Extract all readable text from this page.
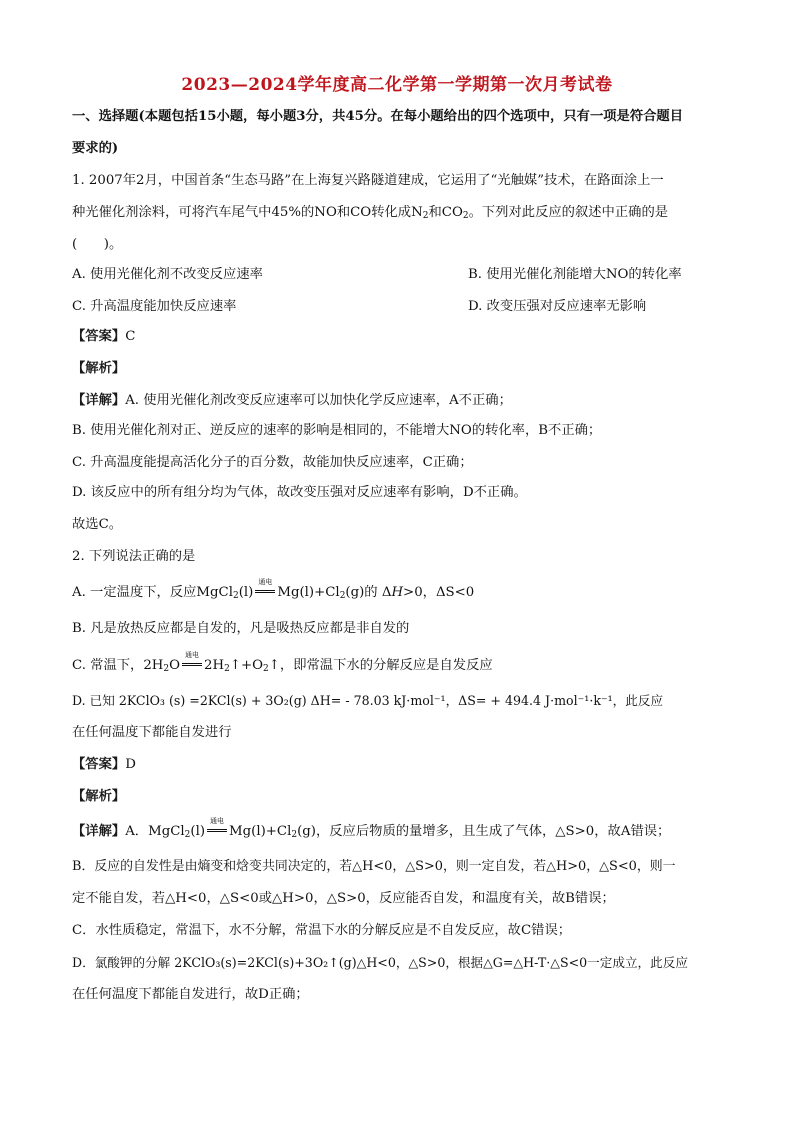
2023—2024学年度高二化学第一学期第一次月考试卷
一、选择题(本题包括15小题，每小题3分，共45分。在每小题给出的四个选项中，只有一项是符合题目
要求的)
1. 2007年2月，中国首条“生态马路”在上海复兴路隧道建成，它运用了“光触媒”技术，在路面涂上一
种光催化剂涂料，可将汽车尾气中45%的NO和CO转化成$N_2$和$CO_2$。下列对此反应的叙述中正确的是
(　　)。
A. 使用光催化剂不改变反应速率	B. 使用光催化剂能增大NO的转化率
C. 升高温度能加快反应速率	D. 改变压强对反应速率无影响
【答案】C
【解析】
【详解】A. 使用光催化剂改变反应速率可以加快化学反应速率，A不正确；
B. 使用光催化剂对正、逆反应的速率的影响是相同的，不能增大NO的转化率，B不正确；
C. 升高温度能提高活化分子的百分数，故能加快反应速率，C正确；
D. 该反应中的所有组分均为气体，故改变压强对反应速率有影响，D不正确。
故选C。
2. 下列说法正确的是
A. 一定温度下，反应MgCl$_2$(l)
通电
$Mg(l)+Cl_2(g)$的 ΔH>0，ΔS<0
B. 凡是放热反应都是自发的，凡是吸热反应都是非自发的
C. 常温下，$2H_2O$
通电
$2H_2↑+O_2↑$，即常温下水的分解反应是自发反应
D. 已知 2KClO₃ (s) =2KCl(s) + 3O₂(g) ΔH= - 78.03 kJ·mol⁻¹，ΔS= + 494.4 J·mol⁻¹·k⁻¹，此反应
在任何温度下都能自发进行
【答案】D
【解析】
【详解】A．MgCl$_2$(l)
通电
$Mg(l)+Cl_2(g)$，反应后物质的量增多，且生成了气体，△S>0，故A错误；
B．反应的自发性是由熵变和焓变共同决定的，若△H<0，△S>0，则一定自发，若△H>0，△S<0，则一
定不能自发，若△H<0，△S<0或△H>0，△S>0，反应能否自发，和温度有关，故B错误；
C．水性质稳定，常温下，水不分解，常温下水的分解反应是不自发反应，故C错误；
D．氯酸钾的分解 2KClO₃(s)=2KCl(s)+3O₂↑(g)△H<0，△S>0，根据△G=△H-T·△S<0一定成立，此反应
在任何温度下都能自发进行，故D正确；
